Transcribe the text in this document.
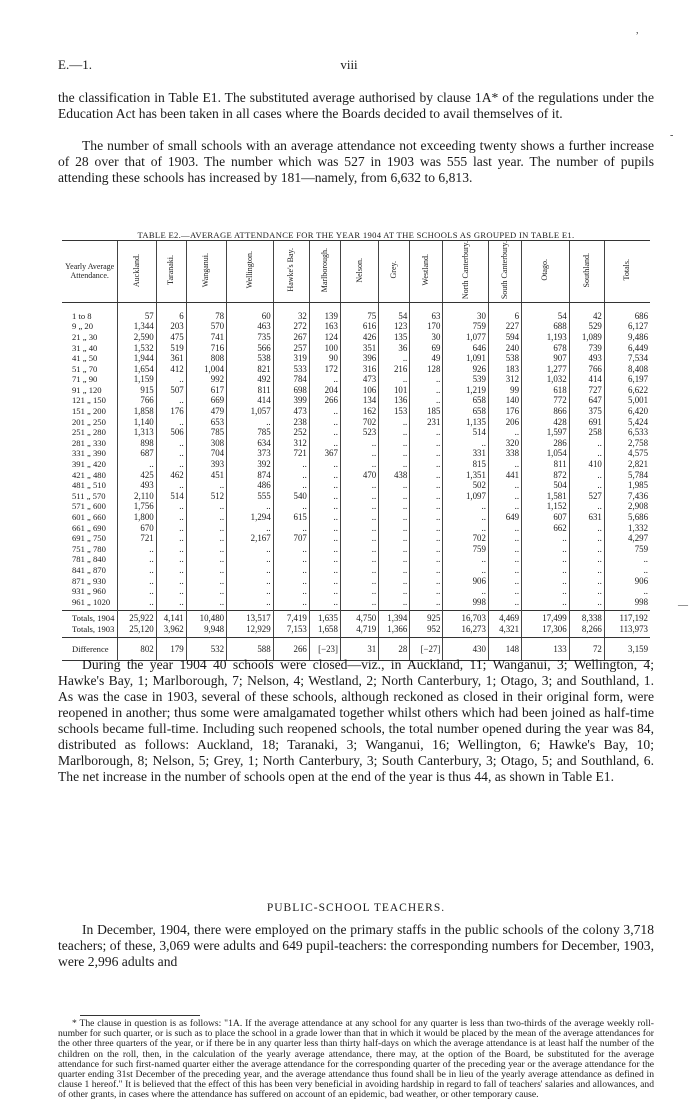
E.—1.	viii

the classification in Table E1. The substituted average authorised by clause 1A* of the regulations under the Education Act has been taken in all cases where the Boards decided to avail themselves of it.

The number of small schools with an average attendance not exceeding twenty shows a further increase of 28 over that of 1903. The number which was 527 in 1903 was 555 last year. The number of pupils attending these schools has increased by 181—namely, from 6,632 to 6,813.

TABLE E2.—AVERAGE ATTENDANCE FOR THE YEAR 1904 AT THE SCHOOLS AS GROUPED IN TABLE E1.
Yearly Average Attendance.	Auckland.	Taranaki.	Wanganui.	Wellington.	Hawke's Bay.	Marlborough.	Nelson.	Grey.	Westland.	North Canterbury.	South Canterbury.	Otago.	Southland.	Totals.
1 to 8	57	6	78	60	32	139	75	54	63	30	6	54	42	686
9 „ 20	1,344	203	570	463	272	163	616	123	170	759	227	688	529	6,127
21 „ 30	2,590	475	741	735	267	124	426	135	30	1,077	594	1,193	1,089	9,486
31 „ 40	1,532	519	716	566	257	100	351	36	69	646	240	678	739	6,449
41 „ 50	1,944	361	808	538	319	90	396	..	49	1,091	538	907	493	7,534
51 „ 70	1,654	412	1,004	821	533	172	316	216	128	926	183	1,277	766	8,408
71 „ 90	1,159	..	992	492	784	..	473	..	..	539	312	1,032	414	6,197
91 „ 120	915	507	617	811	698	204	106	101	..	1,219	99	618	727	6,622
121 „ 150	766	..	669	414	399	266	134	136	..	658	140	772	647	5,001
151 „ 200	1,858	176	479	1,057	473	..	162	153	185	658	176	866	375	6,420
201 „ 250	1,140	..	653	..	238	..	702	..	231	1,135	206	428	691	5,424
251 „ 280	1,313	506	785	785	252	..	523	..	..	514	..	1,597	258	6,533
281 „ 330	898	..	308	634	312	..	..	..	..	..	320	286	..	2,758
331 „ 390	687	..	704	373	721	367	..	..	..	331	338	1,054	..	4,575
391 „ 420	..	..	393	392	..	..	..	..	..	815	..	811	410	2,821
421 „ 480	425	462	451	874	..	..	470	438	..	1,351	441	872	..	5,784
481 „ 510	493	..	..	486	..	..	..	..	..	502	..	504	..	1,985
511 „ 570	2,110	514	512	555	540	..	..	..	..	1,097	..	1,581	527	7,436
571 „ 600	1,756	..	..	..	..	..	..	..	..	..	..	1,152	..	2,908
601 „ 660	1,800	..	..	1,294	615	..	..	..	..	..	649	607	631	5,686
661 „ 690	670	..	..	..	..	..	..	..	..	..	..	662	..	1,332
691 „ 750	721	..	..	2,167	707	..	..	..	..	702	..	..	..	4,297
751 „ 780	..	..	..	..	..	..	..	..	..	759	..	..	..	759
781 „ 840	..	..	..	..	..	..	..	..	..	..	..	..	..	..
841 „ 870	..	..	..	..	..	..	..	..	..	..	..	..	..	..
871 „ 930	..	..	..	..	..	..	..	..	..	906	..	..	..	906
931 „ 960	..	..	..	..	..	..	..	..	..	..	..	..	..	..
961 „ 1020	..	..	..	..	..	..	..	..	..	998	..	..	..	998
Totals, 1904	25,922	4,141	10,480	13,517	7,419	1,635	4,750	1,394	925	16,703	4,469	17,499	8,338	117,192
Totals, 1903	25,120	3,962	9,948	12,929	7,153	1,658	4,719	1,366	952	16,273	4,321	17,306	8,266	113,973
Difference	802	179	532	588	266	[−23]	31	28	[−27]	430	148	133	72	3,159

During the year 1904 40 schools were closed—viz., in Auckland, 11; Wanganui, 3; Wellington, 4; Hawke's Bay, 1; Marlborough, 7; Nelson, 4; Westland, 2; North Canterbury, 1; Otago, 3; and Southland, 1. As was the case in 1903, several of these schools, although reckoned as closed in their original form, were reopened in another; thus some were amalgamated together whilst others which had been joined as half-time schools became full-time. Including such reopened schools, the total number opened during the year was 84, distributed as follows: Auckland, 18; Taranaki, 3; Wanganui, 16; Wellington, 6; Hawke's Bay, 10; Marlborough, 8; Nelson, 5; Grey, 1; North Canterbury, 3; South Canterbury, 3; Otago, 5; and Southland, 6. The net increase in the number of schools open at the end of the year is thus 44, as shown in Table E1.

PUBLIC-SCHOOL TEACHERS.

In December, 1904, there were employed on the primary staffs in the public schools of the colony 3,718 teachers; of these, 3,069 were adults and 649 pupil-teachers: the corresponding numbers for December, 1903, were 2,996 adults and

* The clause in question is as follows: "1A. If the average attendance at any school for any quarter is less than two-thirds of the average weekly roll-number for such quarter, or is such as to place the school in a grade lower than that in which it would be placed by the mean of the average attendances for the other three quarters of the year, or if there be in any quarter less than thirty half-days on which the average attendance is at least half the number of the children on the roll, then, in the calculation of the yearly average attendance, there may, at the option of the Board, be substituted for the average attendance for such first-named quarter either the average attendance for the corresponding quarter of the preceding year or the average attendance for the quarter ending 31st December of the preceding year, and the average attendance thus found shall be in lieu of the yearly average attendance as defined in clause 1 hereof." It is believed that the effect of this has been very beneficial in avoiding hardship in regard to fall of teachers' salaries and allowances, and of other grants, in cases where the attendance has suffered on account of an epidemic, bad weather, or other temporary cause.

,
-
—
